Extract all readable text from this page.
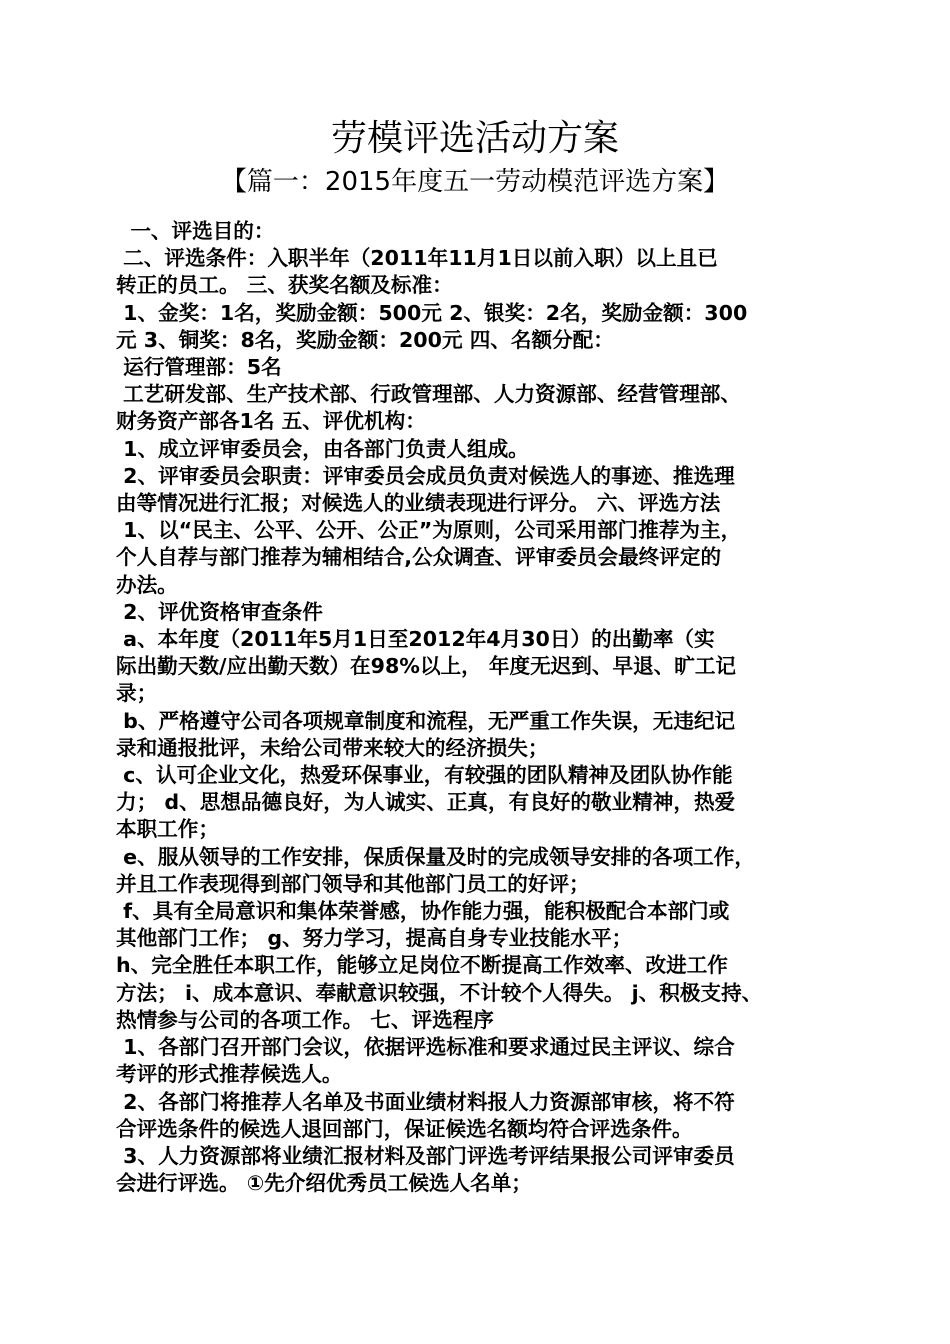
劳模评选活动方案
【篇一：2015年度五一劳动模范评选方案】

一、评选目的：

二、评选条件：入职半年（2011年11月1日以前入职）以上且已

转正的员工。 三、获奖名额及标准：

1、金奖：1名，奖励金额：500元 2、银奖：2名，奖励金额：300

元 3、铜奖：8名，奖励金额：200元 四、名额分配：

运行管理部：5名

工艺研发部、生产技术部、行政管理部、人力资源部、经营管理部、

财务资产部各1名 五、评优机构：

1、成立评审委员会，由各部门负责人组成。

2、评审委员会职责：评审委员会成员负责对候选人的事迹、推选理

由等情况进行汇报；对候选人的业绩表现进行评分。 六、评选方法

1、以“民主、公平、公开、公正”为原则，公司采用部门推荐为主，

个人自荐与部门推荐为辅相结合,公众调查、评审委员会最终评定的

办法。

2、评优资格审查条件

a、本年度（2011年5月1日至2012年4月30日）的出勤率（实

际出勤天数/应出勤天数）在98%以上， 年度无迟到、早退、旷工记

录；

b、严格遵守公司各项规章制度和流程，无严重工作失误，无违纪记

录和通报批评，未给公司带来较大的经济损失；

c、认可企业文化，热爱环保事业，有较强的团队精神及团队协作能

力； d、思想品德良好，为人诚实、正真，有良好的敬业精神，热爱

本职工作；

e、服从领导的工作安排，保质保量及时的完成领导安排的各项工作，

并且工作表现得到部门领导和其他部门员工的好评；

f、具有全局意识和集体荣誉感，协作能力强，能积极配合本部门或

其他部门工作； g、努力学习，提高自身专业技能水平；

h、完全胜任本职工作，能够立足岗位不断提高工作效率、改进工作

方法； i、成本意识、奉献意识较强，不计较个人得失。 j、积极支持、

热情参与公司的各项工作。 七、评选程序

1、各部门召开部门会议，依据评选标准和要求通过民主评议、综合

考评的形式推荐候选人。

2、各部门将推荐人名单及书面业绩材料报人力资源部审核，将不符

合评选条件的候选人退回部门，保证候选名额均符合评选条件。

3、人力资源部将业绩汇报材料及部门评选考评结果报公司评审委员

会进行评选。 ①先介绍优秀员工候选人名单；
